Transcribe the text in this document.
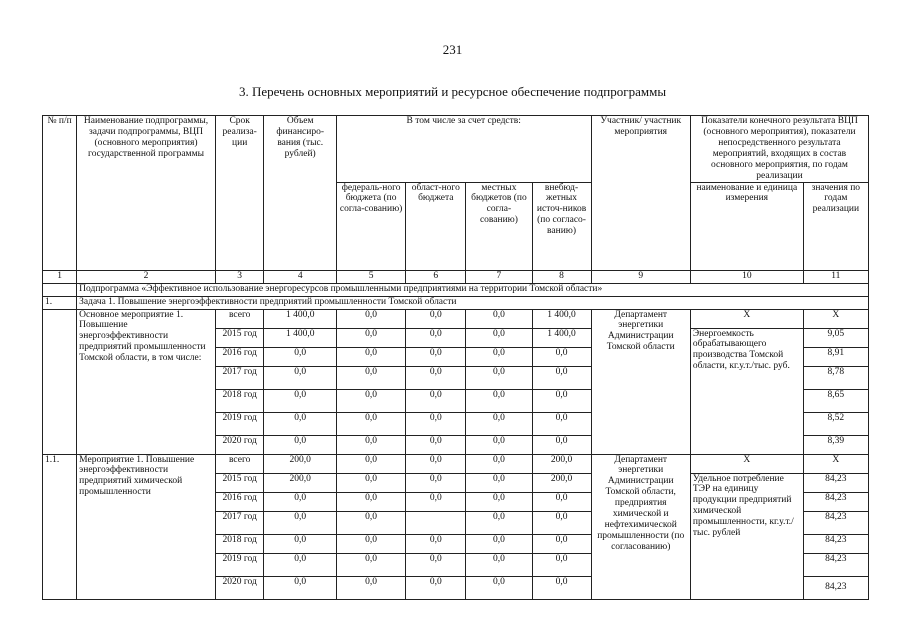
231
3. Перечень основных мероприятий и ресурсное обеспечение подпрограммы
№ п/п	Наименование подпрограммы, задачи подпрограммы, ВЦП (основного мероприятия) государственной программы	Срок реализа-ции	Объем финансиро-вания (тыс. рублей)	В том числе за счет средств:				Участник/ участник мероприятия	Показатели конечного результата ВЦП (основного мероприятия), показатели непосредственного результата мероприятий, входящих в состав основного мероприятия, по годам реализации	
				федераль-ного бюджета (по согла-сованию)	област-ного бюджета	местных бюджетов (по согла-сованию)	внебюд-жетных источ-ников (по согласо-ванию)		наименование и единица измерения	значения по годам реализации
1	2	3	4	5	6	7	8	9	10	11
	Подпрограмма «Эффективное использование энергоресурсов промышленными предприятиями на территории Томской области»									
1.	Задача 1. Повышение энергоэффективности предприятий промышленности Томской области									
	Основное мероприятие 1. Повышение энергоэффективности предприятий промышленности Томской области, в том числе:	всего	1 400,0	0,0	0,0	0,0	1 400,0	Департамент энергетики Администрации Томской области	X	X
		2015 год	1 400,0	0,0	0,0	0,0	1 400,0		Энергоемкость обрабатывающего производства Томской области, кг.у.т./тыс. руб.	9,05
		2016 год	0,0	0,0	0,0	0,0	0,0			8,91
		2017 год	0,0	0,0	0,0	0,0	0,0			8,78
		2018 год	0,0	0,0	0,0	0,0	0,0			8,65
		2019 год	0,0	0,0	0,0	0,0	0,0			8,52
		2020 год	0,0	0,0	0,0	0,0	0,0			8,39
1.1.	Мероприятие 1. Повышение энергоэффективности предприятий химической промышленности	всего	200,0	0,0	0,0	0,0	200,0	Департамент энергетики Администрации Томской области, предприятия химической и нефтехимической промышленности (по согласованию)	X	X
		2015 год	200,0	0,0	0,0	0,0	200,0		Удельное потребление ТЭР на единицу продукции предприятий химической промышленности, кг.у.т./тыс. рублей	84,23
		2016 год	0,0	0,0	0,0	0,0	0,0			84,23
		2017 год	0,0	0,0		0,0	0,0			84,23
		2018 год	0,0	0,0	0,0	0,0	0,0			84,23
		2019 год	0,0	0,0	0,0	0,0	0,0			84,23
		2020 год	0,0	0,0	0,0	0,0	0,0			84,23
